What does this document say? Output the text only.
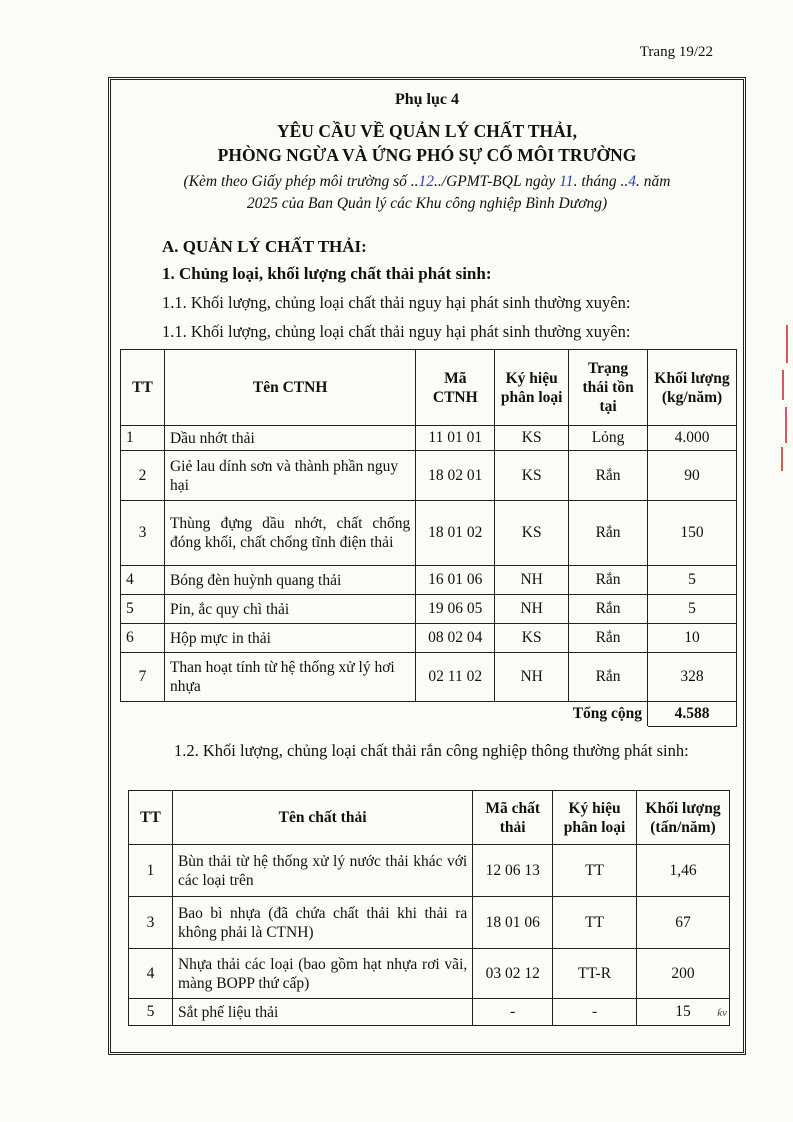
Trang 19/22
Phụ lục 4
YÊU CẦU VỀ QUẢN LÝ CHẤT THẢI,
PHÒNG NGỪA VÀ ỨNG PHÓ SỰ CỐ MÔI TRƯỜNG
(Kèm theo Giấy phép môi trường số ..12../GPMT-BQL ngày 11. tháng ..4. năm
2025 của Ban Quản lý các Khu công nghiệp Bình Dương)
A. QUẢN LÝ CHẤT THẢI:
1. Chủng loại, khối lượng chất thải phát sinh:
1.1. Khối lượng, chủng loại chất thải nguy hại phát sinh thường xuyên:
1.1. Khối lượng, chủng loại chất thải nguy hại phát sinh thường xuyên:
TT	Tên CTNH	Mã CTNH	Ký hiệu phân loại	Trạng thái tồn tại	Khối lượng (kg/năm)
1	Dầu nhớt thải	11 01 01	KS	Lỏng	4.000
2	Giẻ lau dính sơn và thành phần nguy hại	18 02 01	KS	Rắn	90
3	Thùng đựng dầu nhớt, chất chống đóng khối, chất chống tĩnh điện thải	18 01 02	KS	Rắn	150
4	Bóng đèn huỳnh quang thải	16 01 06	NH	Rắn	5
5	Pin, ắc quy chì thải	19 06 05	NH	Rắn	5
6	Hộp mực in thải	08 02 04	KS	Rắn	10
7	Than hoạt tính từ hệ thống xử lý hơi nhựa	02 11 02	NH	Rắn	328
Tổng cộng					4.588
1.2. Khối lượng, chủng loại chất thải rắn công nghiệp thông thường phát sinh:
TT	Tên chất thải	Mã chất thải	Ký hiệu phân loại	Khối lượng (tấn/năm)
1	Bùn thải từ hệ thống xử lý nước thải khác với các loại trên	12 06 13	TT	1,46
3	Bao bì nhựa (đã chứa chất thải khi thải ra không phải là CTNH)	18 01 06	TT	67
4	Nhựa thải các loại (bao gồm hạt nhựa rơi vãi, màng BOPP thứ cấp)	03 02 12	TT-R	200
5	Sắt phế liệu thải	-	-	15 ƙv
